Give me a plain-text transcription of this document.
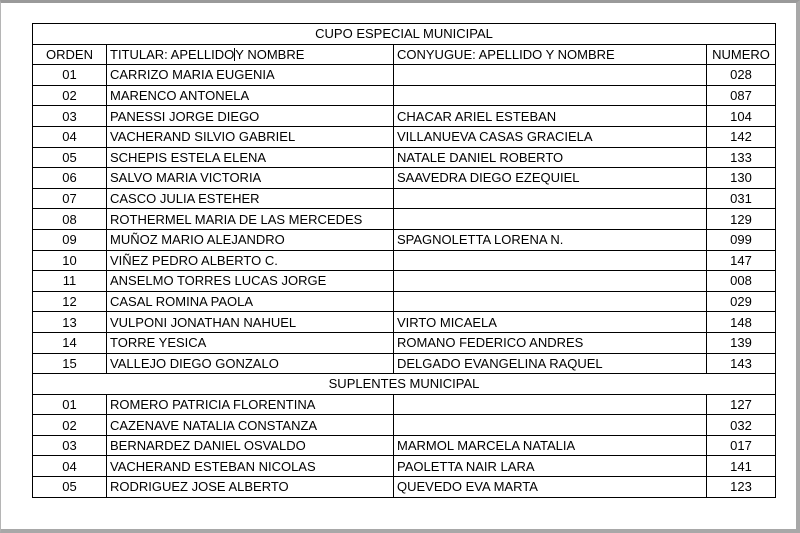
CUPO ESPECIAL MUNICIPAL			
ORDEN	TITULAR: APELLIDOY NOMBRE	CONYUGUE: APELLIDO Y NOMBRE	NUMERO
01	CARRIZO MARIA EUGENIA		028
02	MARENCO ANTONELA		087
03	PANESSI JORGE DIEGO	CHACAR ARIEL ESTEBAN	104
04	VACHERAND SILVIO GABRIEL	VILLANUEVA CASAS GRACIELA	142
05	SCHEPIS ESTELA ELENA	NATALE DANIEL ROBERTO	133
06	SALVO MARIA VICTORIA	SAAVEDRA DIEGO EZEQUIEL	130
07	CASCO JULIA ESTEHER		031
08	ROTHERMEL MARIA DE LAS MERCEDES		129
09	MUÑOZ MARIO ALEJANDRO	SPAGNOLETTA LORENA N.	099
10	VIÑEZ PEDRO ALBERTO C.		147
11	ANSELMO TORRES LUCAS JORGE		008
12	CASAL ROMINA PAOLA		029
13	VULPONI JONATHAN NAHUEL	VIRTO MICAELA	148
14	TORRE YESICA	ROMANO FEDERICO ANDRES	139
15	VALLEJO DIEGO GONZALO	DELGADO EVANGELINA RAQUEL	143
SUPLENTES MUNICIPAL			
01	ROMERO PATRICIA FLORENTINA		127
02	CAZENAVE NATALIA CONSTANZA		032
03	BERNARDEZ DANIEL OSVALDO	MARMOL MARCELA NATALIA	017
04	VACHERAND ESTEBAN NICOLAS	PAOLETTA NAIR LARA	141
05	RODRIGUEZ JOSE ALBERTO	QUEVEDO EVA MARTA	123
